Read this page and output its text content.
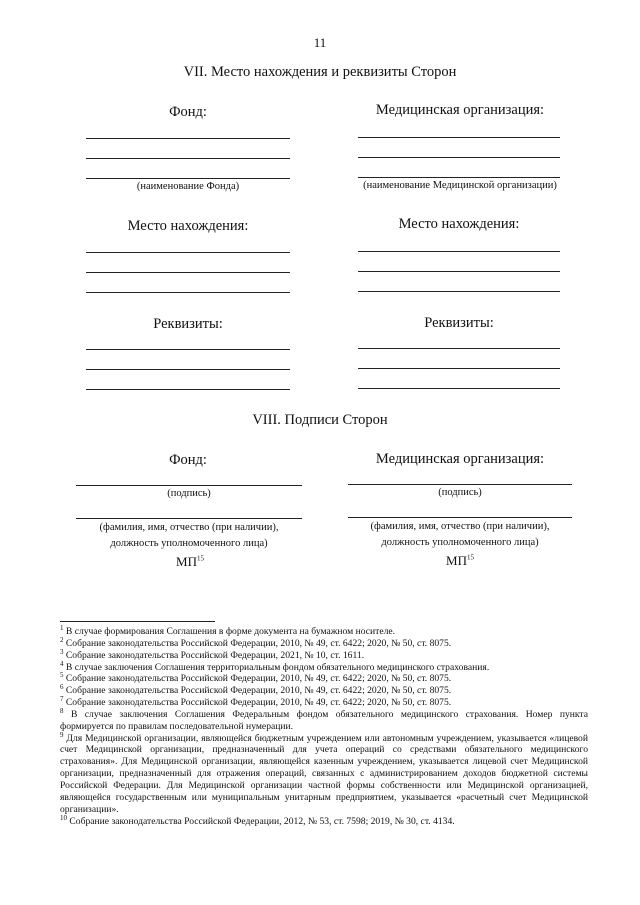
11
VII. Место нахождения и реквизиты Сторон
Фонд:	Медицинская организация:
(наименование Фонда)	(наименование Медицинской организации)
Место нахождения:	Место нахождения:
Реквизиты:	Реквизиты:
VIII. Подписи Сторон
Фонд:	Медицинская организация:
(подпись)	(подпись)
(фамилия, имя, отчество (при наличии),
должность уполномоченного лица)
(фамилия, имя, отчество (при наличии),
должность уполномоченного лица)
МП$^{15}$	МП$^{15}$

$^1$ В случае формирования Соглашения в форме документа на бумажном носителе.

$^2$ Собрание законодательства Российской Федерации, 2010, № 49, ст. 6422; 2020, № 50, ст. 8075.

$^3$ Собрание законодательства Российской Федерации, 2021, № 10, ст. 1611.

$^4$ В случае заключения Соглашения территориальным фондом обязательного медицинского страхования.

$^5$ Собрание законодательства Российской Федерации, 2010, № 49, ст. 6422; 2020, № 50, ст. 8075.

$^6$ Собрание законодательства Российской Федерации, 2010, № 49, ст. 6422; 2020, № 50, ст. 8075.

$^7$ Собрание законодательства Российской Федерации, 2010, № 49, ст. 6422; 2020, № 50, ст. 8075.

$^8$ В случае заключения Соглашения Федеральным фондом обязательного медицинского страхования. Номер пункта формируется по правилам последовательной нумерации.

$^9$ Для Медицинской организации, являющейся бюджетным учреждением или автономным учреждением, указывается «лицевой счет Медицинской организации, предназначенный для учета операций со средствами обязательного медицинского страхования». Для Медицинской организации, являющейся казенным учреждением, указывается лицевой счет Медицинской организации, предназначенный для отражения операций, связанных с администрированием доходов бюджетной системы Российской Федерации. Для Медицинской организации частной формы собственности или Медицинской организацией, являющейся государственным или муниципальным унитарным предприятием, указывается «расчетный счет Медицинской организации».

$^{10}$ Собрание законодательства Российской Федерации, 2012, № 53, ст. 7598; 2019, № 30, ст. 4134.
